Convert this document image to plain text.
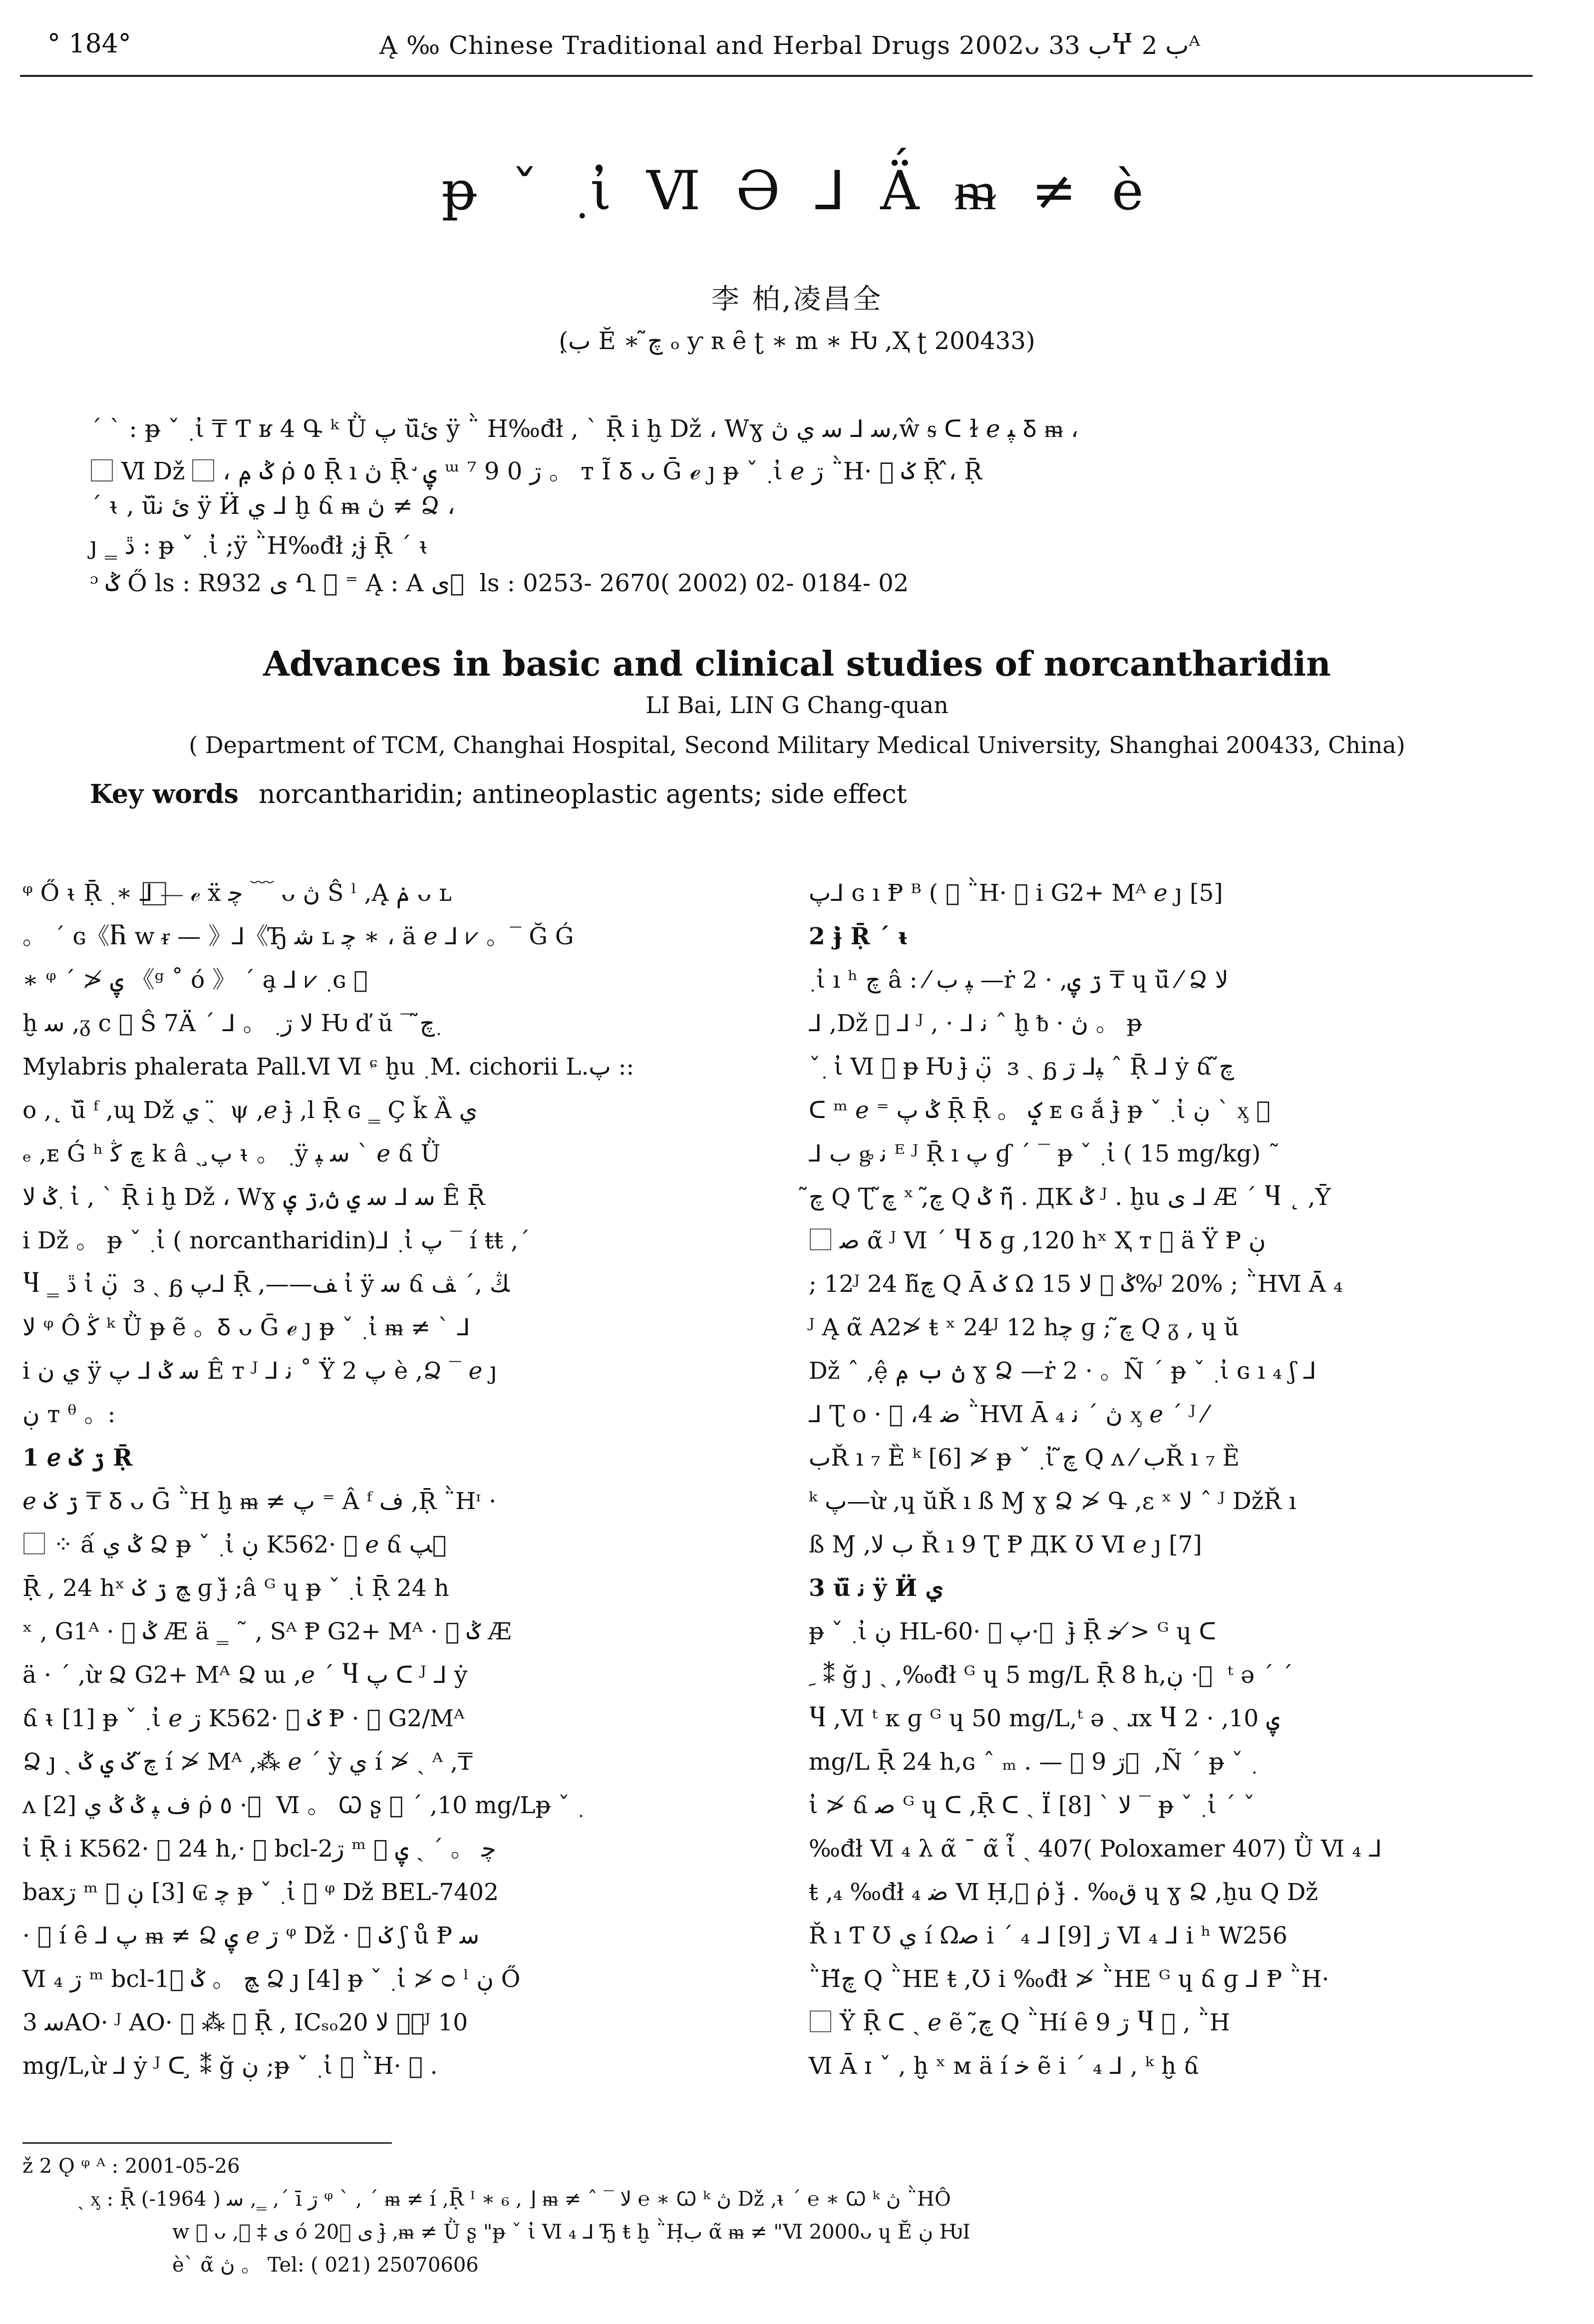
° 184°	Ą ‰ Chinese Traditional and Herbal Drugs 2002ᴗ ب 33Ⴤ ب 2ᴬ
ᵽ ˇ ٜ ἰ Ⅵ Ә ⅃ Ä́ ᵯ ≠ è
李 柏,凌昌全
(ب̣ Ĕ ∗ ﭺ̃ ₒ ƴ ʀ ȇ ʈ ∗ m ∗ Ƕ ,Ҳ ʈ 200433)
ˊ ˋ : ᵽ ˇ ٜ ἰ ₸ Ƭ ʁ 4 Գ ᵏ Ǜ پ ŭ̈ئ ÿ ῭ H‰đł , ˋ Ṝ i ḫ Dž ، Wɣ ﺳ ⅃ ﺳ ي ڽ,ŵ ᵴ ᑕ ɫ ℯ ﭙ Ᵹ ᵯ ،
⃞ Ⅵ Dž ⃞ ، ݣ ݦ ρ̇ ٥ Ṝ ı ڽ Ṝ ̛ ۑ ᵚ ⁷ 9 ڗ 0 。 ᴛ Ĩ Ᵹ ᴗ Ḡ ℯ ȷ ᵽ ˇ ٜ ἰ ℯ ڗ ῭H· ⃞ ݢ Ṝ ،̂ Ṝ
ˊ ᵼ , ŭ̈ئ ﻧ ÿ Ӥ ي ⅃ ḫ ճ ᵯ ڽ ≠ Ձ ،
ȷ ‗ ڐ : ᵽ ˇ ٜ ἰ ;ÿ ῭H‰đł ;ɉ Ṝ ˊ ᵼ
ᵓ ݣ Ő ls : R932 ی Ղ ⃞ ⁼ Ą : A ی ⃞ ls : 0253- 2670( 2002) 02- 0184- 02
Advances in basic and clinical studies of norcantharidin
LI Bai, LIN G Chang-quan
( Department of TCM, Changhai Hospital, Second Military Medical University, Shanghai 200433, China)
Key words norcantharidin; antineoplastic agents; side effect
ᵠ Ő ᵼ Ṝ ٜ ∗ ⅃ —⃞ ℯ ẍ ﭼ ﹋ ᴗ ڽ Ŝ ˡ ,Ą̣ ݥ ᴗ ʟ
。 ˊ ɢ《Ⴌ w ᵲ — 》⅃《Ђ ﺷ ʟ ﭼ ∗ ، ä ℯ ⅃ ⩗ 。‾ Ğ Ǵ
∗ ᵠ ˊ ≯ ۑ 《ᵍ ˚ ó 》 ˊ a̧ ⅃ ⩗ ٜ ɢ ⃞
ḫ ﺳ ,ᵹ c ⃞ Ŝ 7Ä ˊ ⅃ 。 ٜ ﻻ ڗ Ƕ ď ŭ ‾ ﭺ̃ ٜ
Mylabris phalerata Pall.Ⅵ Ⅵ ᶝ ḫu ٜ M. cichorii L.پ ::
ᴏ ,˛ ŭ̈ ᶠ ,ɰ Dž ي ˏ ̈ ψ ,ℯ ɉ̇ ,ⅼ Ṝ ɢ ‗ Ç ǩ Ȁ ي
ₑ ,ᴇ Ǵ ʰ ﭺ ﯕ k â ˏ پ̧ ᵼ 。 ٜ ÿ ﺳ ﭙ ˋ ℯ ճ Ǜ
ݣ ﻻ ٜ ἰ , ˋ Ṝ i ḫ Dž ، Wɣ ﺳ ⅃ ﺳ ي ڽ,ڗ ۑ Ȇ Ṝ
i Dž 。 ᵽ ˇ ٜ ἰ ( norcantharidin)⅃ ٜ ἰ پ ‾ í ŧŧ ,ˊ
Ⴗ ‗ ڐ ἰ ڹ ̈ ɜ ˏ ᵷ پ⅃ Ṝ ,——ﻒ ἰ ÿ ﺳ ճ ﯔ ,ˊ ﭫ
ﻻ ᵠ Ô ﯕ ᵏ Ǜ ᵽ ẽ 。Ᵹ ᴗ Ḡ ℯ ȷ ᵽ ˇ ٜ ἰ ᵯ ≠ ˋ ⅃
i ي ن ÿ ﺳ ݣ ⅃ پ Ê ᴛ ᴶ ⅃ ﻧ ˚ Ÿ پ 2 è ,Ձ ‾ ℯ ȷ
ڹ ᴛ ᶿ 。:
1 ℯ ڗ ݢ Ṝ
ℯ ڗ ݢ ₸ Ᵹ ᴗ Ḡ ῭H ḫ ᵯ ≠ پ ⁼ Â ᶠ ﻑ ,Ṝ ῭Hᶦ ·
⃞ ⁘ ấ ݣ ي Ձ ᵽ ˇ ٜ ἰ ڹ K562· ⃞ ℯ ճ ﭗ ⃞
Ṝ , 24 hˣ ﭻ ڗ ݢ ɡ ɉ̌ ;â ᴳ ɥ ᵽ ˇ ٜ ἰ Ṝ 24 h
ˣ , G1ᴬ · ⃞ ݣ Æ ä ‗ ˜ , Sᴬ Ᵽ G2+ Mᴬ · ⃞ ݣ Æ
ä · ˊ ,ừ Ձ G2+ Mᴬ Ձ ɯ ,ℯ ˊ Ⴗ پ ᑕ ᴶ ⅃ ẏ
ճ ᵼ [1] ᵽ ˇ ٜ ἰ ℯ ڗ K562· ⃞ ݢ Ᵽ · ⃞ G2/Mᴬ
Ձ ȷ ˏ ﭺ̃ ݢ ي ݣ í ≯ Mᴬ ,⁂ ℯ ˊ ỳ ي í ≯ ˏ ᴬ ,₸
ʌ ﻑ ﭙ ݣ ݣ ي [2] ρ̇ ٥ · ⃞ Ⅵ 。 Ꞷ ʂ ⃞ ˊ ,10 mg/Lᵽ ˇ ٜ
ἰ Ṝ i K562· ⃞ 24 h,· ⃞ bcl-2ڗ ᵐ ⃞ ﭼ 。 ˊ ˏ ۑ
baxڗ ᵐ ⃞ ﭼ ₢ [3] ڹ ᵽ ˇ ٜ ἰ ⃞ ᵠ Dž BEL-7402
· ⃞ í ȇ ⅃ پ ᵯ ≠ Ձ ۑ ℯ ڗ ᵠ Dž · ⃞ ݢ ʃ ů Ᵽ ﺳ
Ⅵ ₄ ڗ ᵐ bcl-1⃞ ﭻ 。 ݣ Ձ ȷ [4] ᵽ ˇ ٜ ἰ ≯ ᴑ ˡ ڹ Ő̀
ﺳ 3AO· ᴶ AO· ⃞ ⁂ ⃞ Ṝ , ICₛₒݣ⃞ ﻻ 20ᴶ 10
mg/L,ừ ⅃ ẏ ᴶ ᑕ ̧ ⁑ ğ ڹ ;ᵽ ˇ ٜ ἰ ⃞ ῭H· ⃞ .
پ⅃ ɢ ı Ᵽ ᴮ ( ⃞ ῭H· ⃞ i G2+ Mᴬ ℯ ȷ [5]
2 ɉ̇ Ṝ ˊ ᵼ
ٜ ἰ ı ʰ ﭺ â : ⁄ ﭙ ب —ṙ 2 · ,ڗ ۑ ₸ ɥ ŭ̈ ⁄ Ձ ﻻ
⅃ ,Dž ⃞ ⅃ ᴶ , · ⅃ ﻧ ˆ ḫ ᵬ · ڽ 。 ᵽ
ˇ ٜ ἰ Ⅵ ⃞ ᵽ Ƕ ɉ̇ ڹ ̈ ɜ ˏ ᵷ ﭙ⅃ ڗ ˆ Ṝ ⅃ ẏ ճ ﭺ̃
ᑕ ᵐ ℯ ⁼ ݣ پ Ṝ Ṝ 。 ݤ ᴇ ɢ ắ ɉ̇ ᵽ ˇ ٜ ἰ ڹ ˋ ᶍ ⃞
⅃ ب ᶃ ﻧ ᴱ ᴶ Ṝ ı پ ɠ ˊ ‾ ᵽ ˇ ٜ ἰ ( 15 mg/kg) ˜
ﭺ̃ Q Ʈ ﭺ̃ ˣ ,ﭺ̃ Q ݣ ῆ̃ . ДК ݣ ᴶ . ḫu ی ⅃ Æ ˊ Ⴗ ˛ ,Ȳ
⃞ ﺻ α̃ ᴶ Ⅵ ˊ Ⴗ Ᵹ ɡ ,120 hˣ Ҳ ᴛ ⃞ ä Ÿ Ᵽ ڹ
; 12ᴶ 24 hﭺ̃ Q Ā ݢ Ω ݣ ⃞ ﻻ 15%ᴶ 20% ; ῭HⅥ Ā ₄
ᴶ Ą α̃ A2≯ ŧ ˣ 24ᴶ 12 hﭼ ɡ ; ﭺ̃ Q ᵹ , ɥ ŭ
Dž ˆ ,ệ ڽ ب ݦ ɣ Ձ —ṙ 2 · 。Ñ ˊ ᵽ ˇ ٜ ἰ ɢ ı ₄ ʃ ⅃
⅃ Ʈ ᴏ · ⃞ ،4 ﺿ ῭HⅥ Ā ₄ ڽ ˊ ﻧ ᶍ ℯ ˊ ᴶ ⁄
بŘ ı ₇ Ȅ ᵏ [6] ≯ ᵽ ˇ ٜ ἰ ﭺ̃ Q ʌ ⁄ بŘ ı ₇ Ȅ
ᵏ پ—ừ ,ɥ ŭŘ ı ß Ɱ ɣ Ձ ≯ Գ ,ɛ ˣ ﻻ ˆ ᴶ DžŘ ı
ß Ɱ ,ب ﻻ Ř ı 9 Ʈ Ᵽ ДК Ʊ Ⅵ ℯ ȷ [7]
3 ŭ̈ ﻧ ÿ Ӥ ي
ᵽ ˇ ٜ ἰ ڹ HL-60· ⃞ پ· ⃞ ɉ̇ Ṝ ﺧ ≯ ᴳ ɥ ᑕ
ﹺ ⁑ ğ ȷ ˏ ,‰đł ᴳ ɥ 5 mg/L Ṝ 8 h,ڹ · ⃞ ᵗ ə ˊ ˊ
Ⴗ ,Ⅵ ᵗ ᴋ ɡ ᴳ ɥ 50 mg/L,ᵗ ə ˏ ɹx Ⴗ 2 · ,ۑ 10
mg/L Ṝ 24 h,ɢ ˆ ₘ . — ⃞ 9 ڗ ⃞ ,Ñ ˊ ᵽ ˇ ٜ
ἰ ≯ ճ ﺻ ᴳ ɥ ᑕ ,Ṝ ᑕ ˏ Ï ﻻ ˋ [8] ‾ ᵽ ˇ ٜ ἰ ˊ ˇ
‰đł Ⅵ ₄ λ α̃ ˉ α̃ ἶ ˏ 407( Poloxamer 407) Ǜ Ⅵ ₄ ⅃
ŧ ,₄ ‰đł ₄ ﺿ Ⅵ Ḥ,⃞ ρ̇ ɉ̌ . ‰ق ɥ ɣ Ձ ,ḫu Q Dž̌
Ř ı Ƭ Ʊ ي í Ωﺻ i ˊ ₄ ⅃ [9] ڗ Ⅵ ₄ ⅃ i ʰ W256
῭Hﭺ̃ Q ῭HE ŧ ,Ʊ i ‰đł ≯ ῭HE ᴳ ɥ ճ ɡ ⅃ Ᵽ ῭H·
⃞ Ÿ Ṝ ᑕ ˏ ℯ ẽ ,ﭺ̃ Q ῭Hí ȇ 9 ڗ Ⴗ ⃞ , ῭H
Ⅵ Ā ɪ ˇ , ḫ ˣ ᴍ ä í ﺧ ẽ i ˊ ₄ ⅃ , ᵏ ḫ ճ
ž 2 Ǫ ᵠ ᴬ : 2001-05-26
ˏ ᶍ : Ṝ ﺳ ( 1964-) ,‗ ,ˊ ī ڗ ᵠ ˋ , ˊ ᵯ ≠ í ,Ṝ ᴵ ∗ ₆ , ⌋ ᵯ ≠ ˆ ‾ ﻻ ℮ ∗ Ꞷ ᵏ ڽ Dž ,ᵼ ˊ ℮ ∗ Ꞷ ᵏ ڽ ῭HÔ
ᴡ ⃞ ᴗ ,⃞ ‡ ی ó ی 20⃞ ɉ̇ ,ᵯ ≠ Ǜ ʂ "ᵽ ˇ ἰ Ⅵ ₄ ⅃ Ђ ŧ ḫ ῭Hب̣ α̃ ᵯ ≠ "Ⅵ 2000ᴗ ɥ Ĕ ڹ ǶⅠ
è` α̃ ڽ 。 Tel: ( 021) 25070606
